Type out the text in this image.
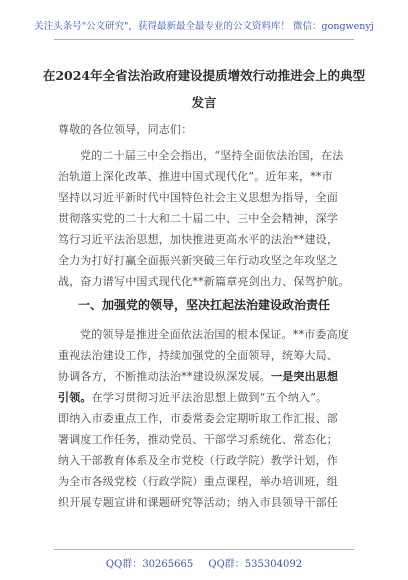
关注头条号"公文研究"，获得最新最全最专业的公文资料库！ 微信：gongwenyj
在2024年全省法治政府建设提质增效行动推进会上的典型
发言
尊敬的各位领导，同志们：
党的二十届三中全会指出，“坚持全面依法治国，在法
治轨道上深化改革、推进中国式现代化”。近年来，**市
坚持以习近平新时代中国特色社会主义思想为指导，全面
贯彻落实党的二十大和二十届二中、三中全会精神，深学
笃行习近平法治思想，加快推进更高水平的法治**建设，
全力为打好打赢全面振兴新突破三年行动攻坚之年攻坚之
战，奋力谱写中国式现代化**新篇章亮剑出力、保驾护航。
一、加强党的领导，坚决扛起法治建设政治责任
党的领导是推进全面依法治国的根本保证。**市委高度
重视法治建设工作，持续加强党的全面领导，统筹大局、
协调各方，不断推动法治**建设纵深发展。一是突出思想
引领。在学习贯彻习近平法治思想上做到“五个纳入”。
即纳入市委重点工作，市委常委会定期听取工作汇报、部
署调度工作任务，推动党员、干部学习系统化、常态化；
纳入干部教育体系及全市党校（行政学院）教学计划，作
为全市各级党校（行政学院）重点课程，举办培训班，组
织开展专题宣讲和课题研究等活动；纳入市县领导干部任
QQ群：30265665 QQ群：535304092
